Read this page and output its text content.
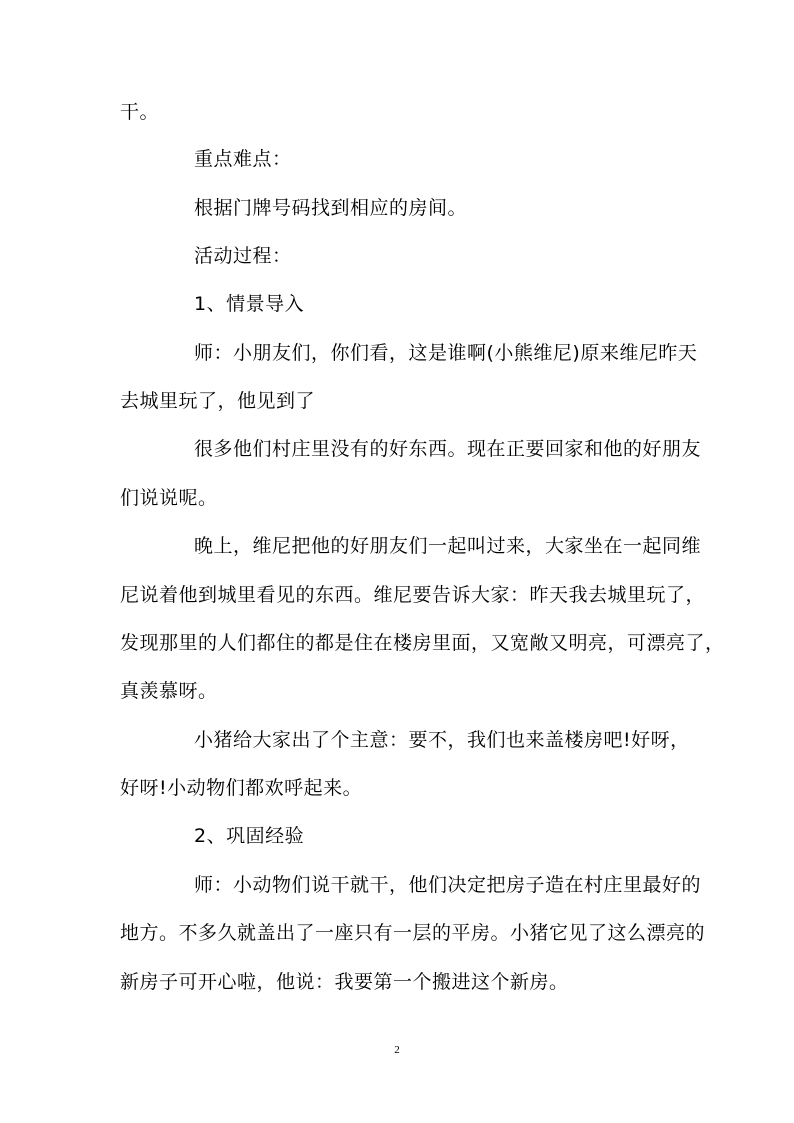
干。
重点难点：
根据门牌号码找到相应的房间。
活动过程：
1、情景导入
师：小朋友们，你们看，这是谁啊(小熊维尼)原来维尼昨天
去城里玩了，他见到了
很多他们村庄里没有的好东西。现在正要回家和他的好朋友
们说说呢。
晚上，维尼把他的好朋友们一起叫过来，大家坐在一起同维
尼说着他到城里看见的东西。维尼要告诉大家：昨天我去城里玩了，
发现那里的人们都住的都是住在楼房里面，又宽敞又明亮，可漂亮了，
真羡慕呀。
小猪给大家出了个主意：要不，我们也来盖楼房吧!好呀，
好呀!小动物们都欢呼起来。
2、巩固经验
师：小动物们说干就干，他们决定把房子造在村庄里最好的
地方。不多久就盖出了一座只有一层的平房。小猪它见了这么漂亮的
新房子可开心啦，他说：我要第一个搬进这个新房。
2
